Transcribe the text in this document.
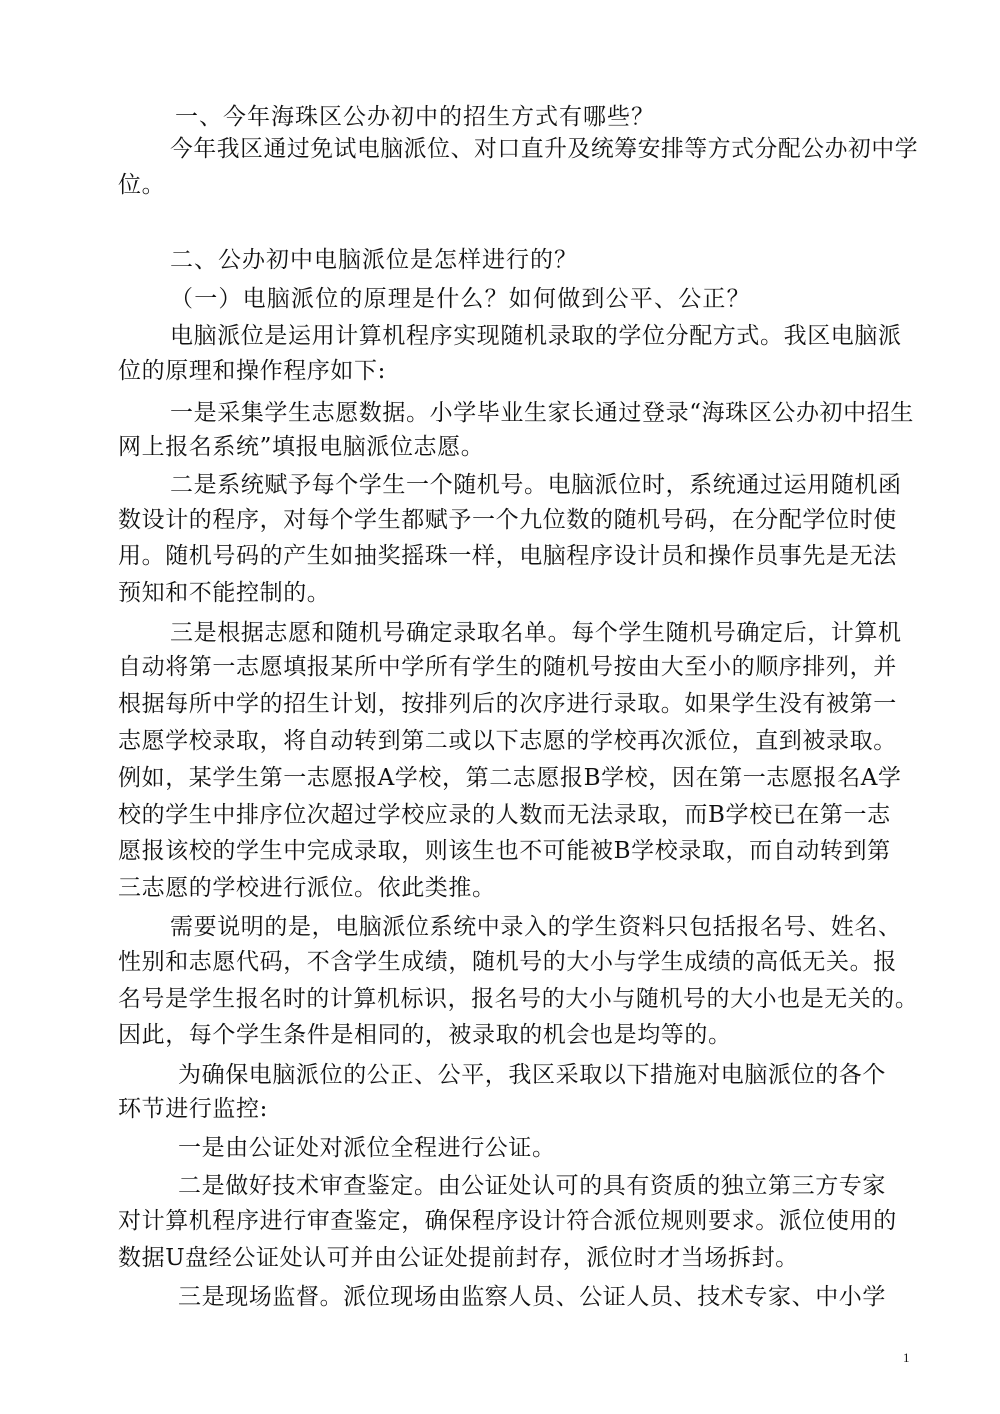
一、今年海珠区公办初中的招生方式有哪些？
今年我区通过免试电脑派位、对口直升及统筹安排等方式分配公办初中学
位。
二、公办初中电脑派位是怎样进行的？
（一）电脑派位的原理是什么？如何做到公平、公正？
电脑派位是运用计算机程序实现随机录取的学位分配方式。我区电脑派
位的原理和操作程序如下:
一是采集学生志愿数据。小学毕业生家长通过登录“海珠区公办初中招生
网上报名系统”填报电脑派位志愿。
二是系统赋予每个学生一个随机号。电脑派位时，系统通过运用随机函
数设计的程序，对每个学生都赋予一个九位数的随机号码，在分配学位时使
用。随机号码的产生如抽奖摇珠一样，电脑程序设计员和操作员事先是无法
预知和不能控制的。
三是根据志愿和随机号确定录取名单。每个学生随机号确定后，计算机
自动将第一志愿填报某所中学所有学生的随机号按由大至小的顺序排列，并
根据每所中学的招生计划，按排列后的次序进行录取。如果学生没有被第一
志愿学校录取，将自动转到第二或以下志愿的学校再次派位，直到被录取。
例如，某学生第一志愿报A学校，第二志愿报B学校，因在第一志愿报名A学
校的学生中排序位次超过学校应录的人数而无法录取，而B学校已在第一志
愿报该校的学生中完成录取，则该生也不可能被B学校录取，而自动转到第
三志愿的学校进行派位。依此类推。
需要说明的是，电脑派位系统中录入的学生资料只包括报名号、姓名、
性别和志愿代码，不含学生成绩，随机号的大小与学生成绩的高低无关。报
名号是学生报名时的计算机标识，报名号的大小与随机号的大小也是无关的。
因此，每个学生条件是相同的，被录取的机会也是均等的。
为确保电脑派位的公正、公平，我区采取以下措施对电脑派位的各个
环节进行监控:
一是由公证处对派位全程进行公证。
二是做好技术审查鉴定。由公证处认可的具有资质的独立第三方专家
对计算机程序进行审查鉴定，确保程序设计符合派位规则要求。派位使用的
数据U盘经公证处认可并由公证处提前封存，派位时才当场拆封。
三是现场监督。派位现场由监察人员、公证人员、技术专家、中小学
1
